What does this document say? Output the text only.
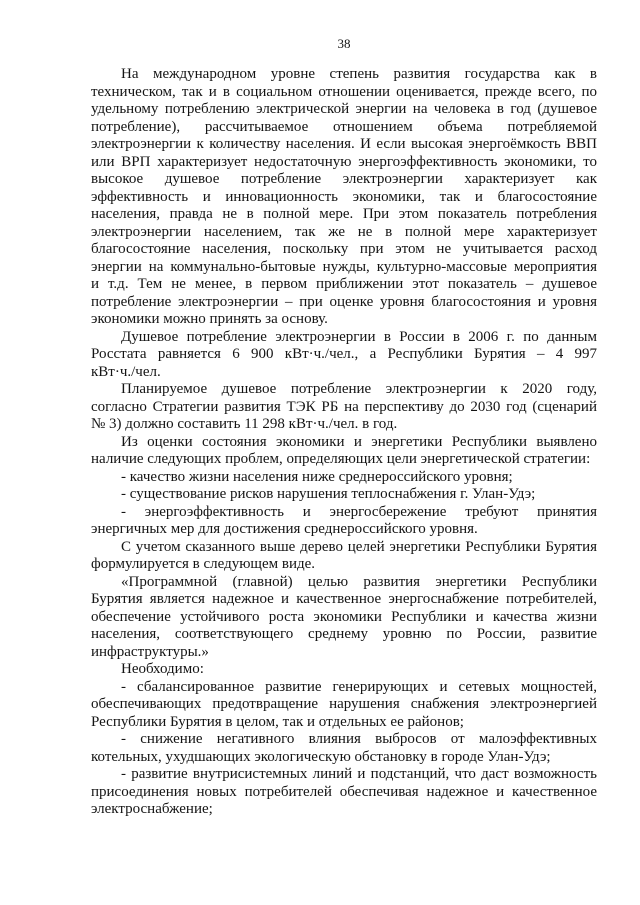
38
На международном уровне степень развития государства как в
техническом, так и в социальном отношении оценивается, прежде всего, по
удельному потреблению электрической энергии на человека в год (душевое
потребление), рассчитываемое отношением объема потребляемой
электроэнергии к количеству населения. И если высокая энергоёмкость ВВП
или ВРП характеризует недостаточную энергоэффективность экономики, то
высокое душевое потребление электроэнергии характеризует как
эффективность и инновационность экономики, так и благосостояние
населения, правда не в полной мере. При этом показатель потребления
электроэнергии населением, так же не в полной мере характеризует
благосостояние населения, поскольку при этом не учитывается расход
энергии на коммунально-бытовые нужды, культурно-массовые мероприятия
и т.д. Тем не менее, в первом приближении этот показатель – душевое
потребление электроэнергии – при оценке уровня благосостояния и уровня
экономики можно принять за основу.
Душевое потребление электроэнергии в России в 2006 г. по данным
Росстата равняется 6 900 кВт·ч./чел., а Республики Бурятия – 4 997
кВт·ч./чел.
Планируемое душевое потребление электроэнергии к 2020 году,
согласно Стратегии развития ТЭК РБ на перспективу до 2030 год (сценарий
№ 3) должно составить 11 298 кВт·ч./чел. в год.
Из оценки состояния экономики и энергетики Республики выявлено
наличие следующих проблем, определяющих цели энергетической стратегии:
- качество жизни населения ниже среднероссийского уровня;
- существование рисков нарушения теплоснабжения г. Улан-Удэ;
- энергоэффективность и энергосбережение требуют принятия
энергичных мер для достижения среднероссийского уровня.
С учетом сказанного выше дерево целей энергетики Республики Бурятия
формулируется в следующем виде.
«Программной (главной) целью развития энергетики Республики
Бурятия является надежное и качественное энергоснабжение потребителей,
обеспечение устойчивого роста экономики Республики и качества жизни
населения, соответствующего среднему уровню по России, развитие
инфраструктуры.»
Необходимо:
- сбалансированное развитие генерирующих и сетевых мощностей,
обеспечивающих предотвращение нарушения снабжения электроэнергией
Республики Бурятия в целом, так и отдельных ее районов;
- снижение негативного влияния выбросов от малоэффективных
котельных, ухудшающих экологическую обстановку в городе Улан-Удэ;
- развитие внутрисистемных линий и подстанций, что даст возможность
присоединения новых потребителей обеспечивая надежное и качественное
электроснабжение;
